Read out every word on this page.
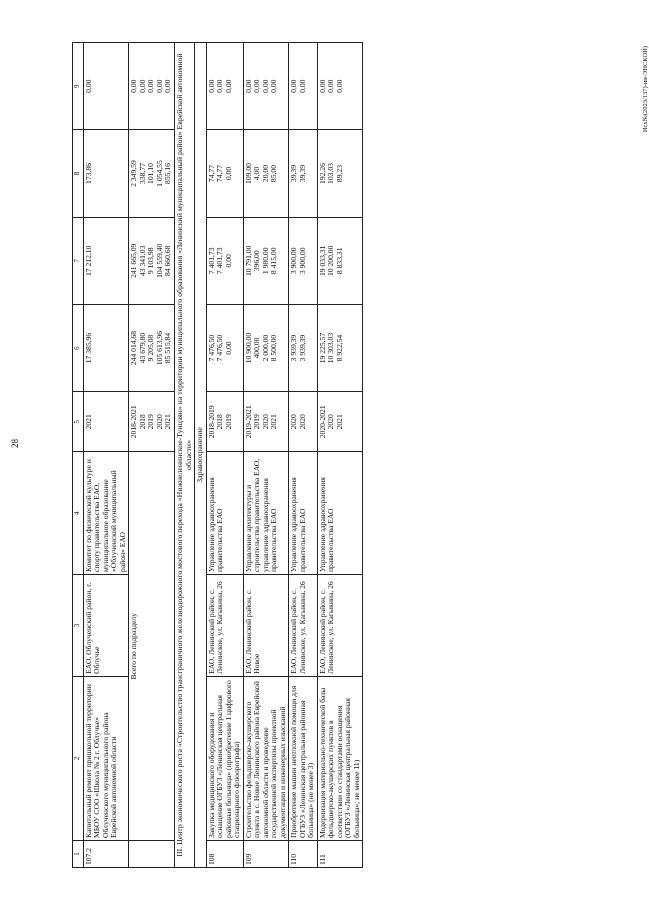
28
1	2	3	4	5	6	7	8	9
107.2	Капитальный ремонт пришкольной территории МБОУ СОО «Школа № 2 г. Облучье» Облученского муниципального района Еврейской автономной области	ЕАО, Облученский район, г. Облучье	Комитет по физической культуре и спорту правительства ЕАО, муниципальное образование «Облученский муниципальный район» ЕАО	2021	17 385,96	17 212,10	173,86	0,00
	Всего по подразделу			2018-2021 2018 2019 2020 2021	244 014,68 43 679,80 9 205,08 105 613,96 85 515,84	241 665,09 43 341,03 9 103,98 104 559,40 84 660,68	2 349,59 338,77 101,10 1 054,55 855,16	0,00 0,00 0,00 0,00 0,00

III. Центр экономического роста «Строительство трансграничного железнодорожного мостового перехода «Нижнеленинское-Тунцзян» на территории муниципального образования «Ленинский муниципальный район» Еврейской автономной области»								
Здравоохранение								
108	Закупка медицинского оборудования и оснащение ОГБУЗ «Ленинская центральная районная больница» (приобретение 1 цифрового стационарного флюорографа)	ЕАО, Ленинский район, с. Ленинское, ул. Кагыкина, 26	Управление здравоохранения правительства ЕАО	2018-2019 2018 2019	7 476,50 7 476,50 0,00	7 401,73 7 401,73 0,00	74,77 74,77 0,00	0,00 0,00 0,00

109	Строительство фельдшерско-акушерского пункта в с. Новое Ленинского района Еврейской автономной области и проведение государственной экспертизы проектной документации и инженерных изысканий	ЕАО, Ленинский район, с. Новое	Управление архитектуры и строительства правительства ЕАО, управление здравоохранения правительства ЕАО	2019-2021 2019 2020 2021	10 900,00 400,00 2 000,00 8 500,00	10 791,00 396,00 1 980,00 8 415,00	109,00 4,00 20,00 85,00	0,00 0,00 0,00 0,00

110	Приобретение машин неотложной помощи для ОГБУЗ «Ленинская центральная районная больница» (не менее 3)	ЕАО, Ленинский район, с. Ленинское, ул. Кагыкина, 26	Управление здравоохранения правительства ЕАО	2020 2020	3 939,39 3 939,39	3 900,00 3 900,00	39,39 39,39	0,00 0,00

111	Модернизация материально-технической базы фельдшерско-акушерских пунктов в соответствии со стандартами оснащения (ОГБУЗ «Ленинская центральная районная больница»; не менее 11)	ЕАО, Ленинский район, с. Ленинское, ул. Кагыкина, 26	Управление здравоохранения правительства ЕАО	2020-2021 2020 2021	19 225,57 10 303,03 8 922,54	19 033,31 10 200,00 8 833,31	192,26 103,03 89,23	0,00 0,00 0,00	Исх№(2023/137)-ии-ЭНСКОЙ)
